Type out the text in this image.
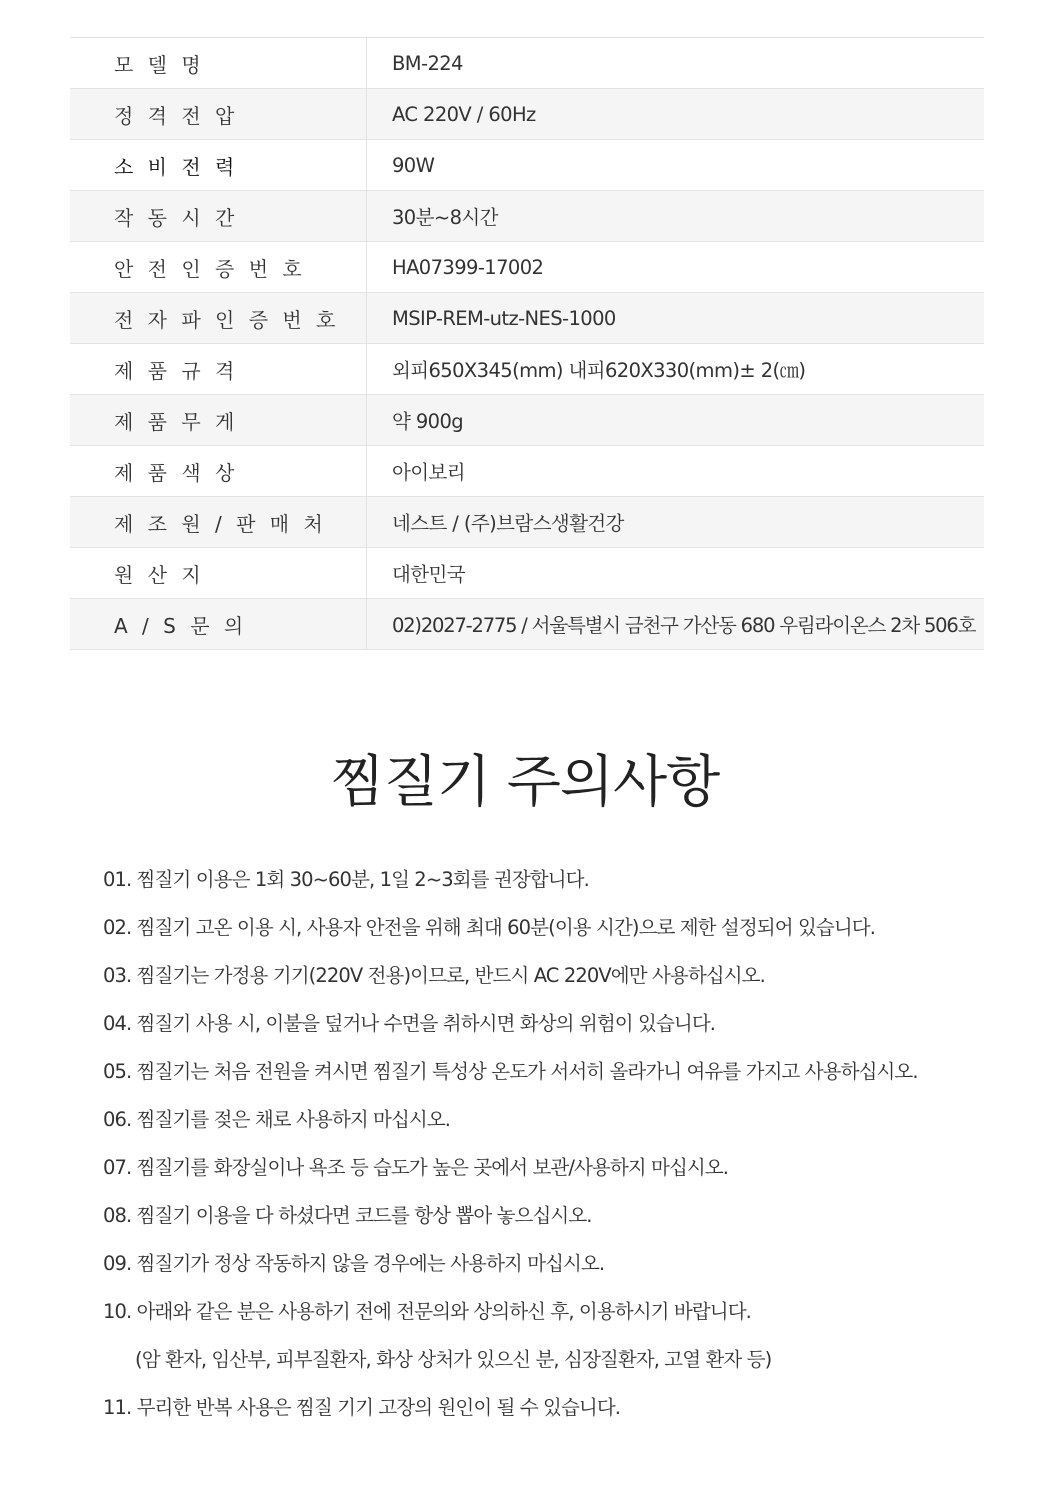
모 델 명	BM-224
정 격 전 압	AC 220V / 60Hz
소 비 전 력	90W
작 동 시 간	30분~8시간
안 전 인 증 번 호	HA07399-17002
전 자 파 인 증 번 호	MSIP-REM-utz-NES-1000
제 품 규 격	외피650X345(mm) 내피620X330(mm)± 2(㎝)
제 품 무 게	약 900g
제 품 색 상	아이보리
제 조 원 / 판 매 처	네스트 / (주)브람스생활건강
원 산 지	대한민국
A / S 문 의	02)2027-2775 / 서울특별시 금천구 가산동 680 우림라이온스 2차 506호
찜질기 주의사항
01. 찜질기 이용은 1회 30~60분, 1일 2~3회를 권장합니다.
02. 찜질기 고온 이용 시, 사용자 안전을 위해 최대 60분(이용 시간)으로 제한 설정되어 있습니다.
03. 찜질기는 가정용 기기(220V 전용)이므로, 반드시 AC 220V에만 사용하십시오.
04. 찜질기 사용 시, 이불을 덮거나 수면을 취하시면 화상의 위험이 있습니다.
05. 찜질기는 처음 전원을 켜시면 찜질기 특성상 온도가 서서히 올라가니 여유를 가지고 사용하십시오.
06. 찜질기를 젖은 채로 사용하지 마십시오.
07. 찜질기를 화장실이나 욕조 등 습도가 높은 곳에서 보관/사용하지 마십시오.
08. 찜질기 이용을 다 하셨다면 코드를 항상 뽑아 놓으십시오.
09. 찜질기가 정상 작동하지 않을 경우에는 사용하지 마십시오.
10. 아래와 같은 분은 사용하기 전에 전문의와 상의하신 후, 이용하시기 바랍니다.
(암 환자, 임산부, 피부질환자, 화상 상처가 있으신 분, 심장질환자, 고열 환자 등)
11. 무리한 반복 사용은 찜질 기기 고장의 원인이 될 수 있습니다.
